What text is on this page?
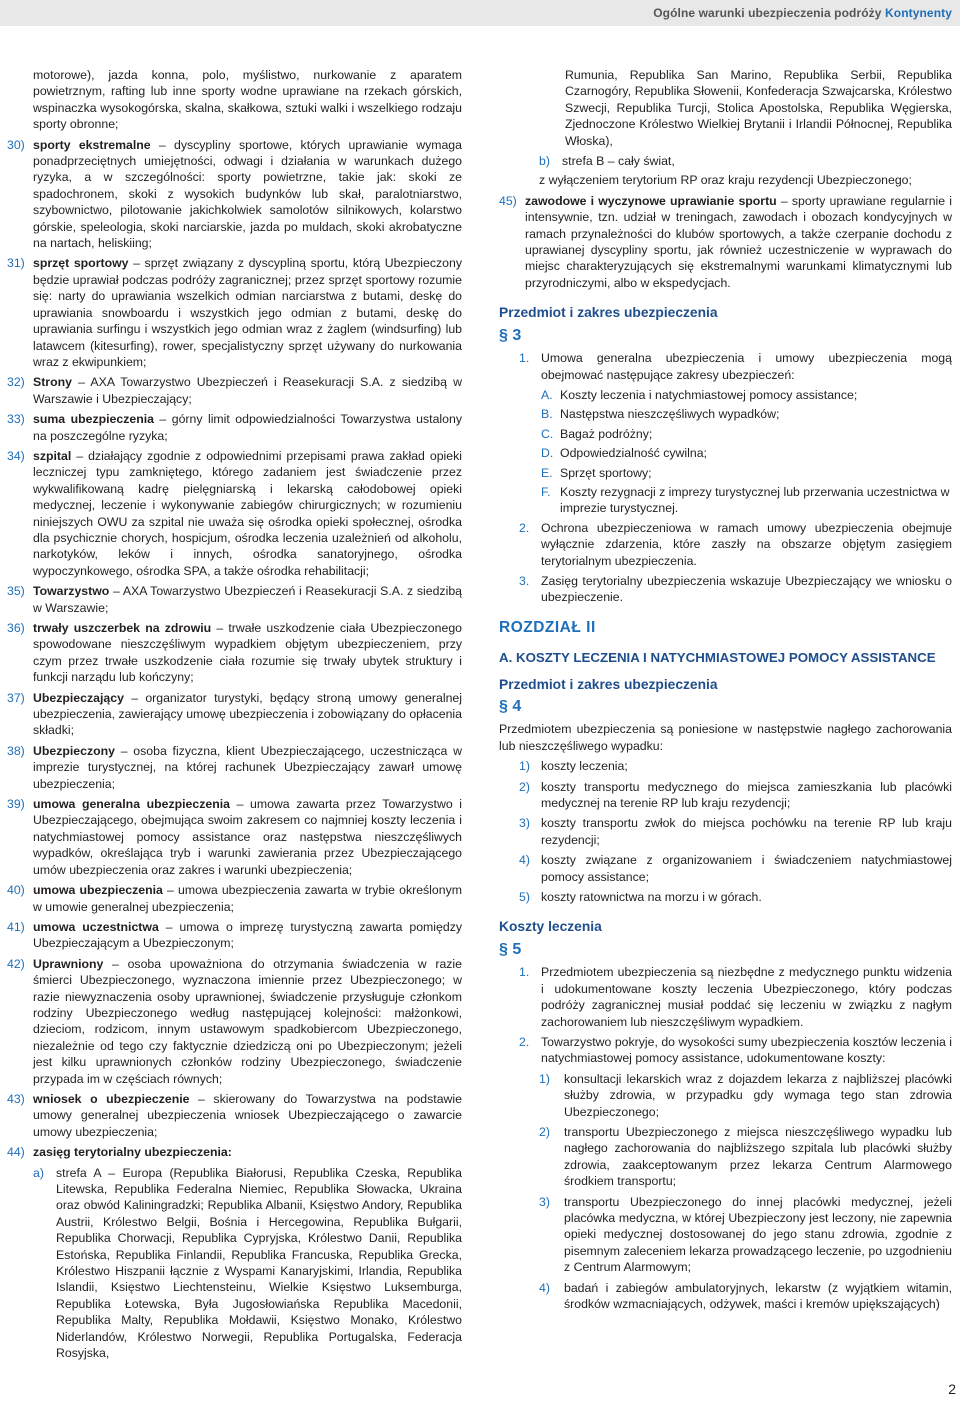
Ogólne warunki ubezpieczenia podróży Kontynenty
motorowe), jazda konna, polo, myślistwo, nurkowanie z aparatem powietrznym, rafting lub inne sporty wodne uprawiane na rzekach górskich, wspinaczka wysokogórska, skalna, skałkowa, sztuki walki i wszelkiego rodzaju sporty obronne;
30) sporty ekstremalne – dyscypliny sportowe, których uprawianie wymaga ponadprzeciętnych umiejętności, odwagi i działania w warunkach dużego ryzyka, a w szczególności: sporty powietrzne, takie jak: skoki ze spadochronem, skoki z wysokich budynków lub skał, paralotniarstwo, szybownictwo, pilotowanie jakichkolwiek samolotów silnikowych, kolarstwo górskie, speleologia, skoki narciarskie, jazda po muldach, skoki akrobatyczne na nartach, heliskiing;
31) sprzęt sportowy – sprzęt związany z dyscypliną sportu, którą Ubezpieczony będzie uprawiał podczas podróży zagranicznej; przez sprzęt sportowy rozumie się: narty do uprawiania wszelkich odmian narciarstwa z butami, deskę do uprawiania snowboardu i wszystkich jego odmian z butami, deskę do uprawiania surfingu i wszystkich jego odmian wraz z żaglem (windsurfing) lub latawcem (kitesurfing), rower, specjalistyczny sprzęt używany do nurkowania wraz z ekwipunkiem;
32) Strony – AXA Towarzystwo Ubezpieczeń i Reasekuracji S.A. z siedzibą w Warszawie i Ubezpieczający;
33) suma ubezpieczenia – górny limit odpowiedzialności Towarzystwa ustalony na poszczególne ryzyka;
34) szpital – działający zgodnie z odpowiednimi przepisami prawa zakład opieki leczniczej typu zamkniętego, którego zadaniem jest świadczenie przez wykwalifikowaną kadrę pielęgniarską i lekarską całodobowej opieki medycznej, leczenie i wykonywanie zabiegów chirurgicznych; w rozumieniu niniejszych OWU za szpital nie uważa się ośrodka opieki społecznej, ośrodka dla psychicznie chorych, hospicjum, ośrodka leczenia uzależnień od alkoholu, narkotyków, leków i innych, ośrodka sanatoryjnego, ośrodka wypoczynkowego, ośrodka SPA, a także ośrodka rehabilitacji;
35) Towarzystwo – AXA Towarzystwo Ubezpieczeń i Reasekuracji S.A. z siedzibą w Warszawie;
36) trwały uszczerbek na zdrowiu – trwałe uszkodzenie ciała Ubezpieczonego spowodowane nieszczęśliwym wypadkiem objętym ubezpieczeniem, przy czym przez trwałe uszkodzenie ciała rozumie się trwały ubytek struktury i funkcji narządu lub kończyny;
37) Ubezpieczający – organizator turystyki, będący stroną umowy generalnej ubezpieczenia, zawierający umowę ubezpieczenia i zobowiązany do opłacenia składki;
38) Ubezpieczony – osoba fizyczna, klient Ubezpieczającego, uczestnicząca w imprezie turystycznej, na której rachunek Ubezpieczający zawarł umowę ubezpieczenia;
39) umowa generalna ubezpieczenia – umowa zawarta przez Towarzystwo i Ubezpieczającego, obejmująca swoim zakresem co najmniej koszty leczenia i natychmiastowej pomocy assistance oraz następstwa nieszczęśliwych wypadków, określająca tryb i warunki zawierania przez Ubezpieczającego umów ubezpieczenia oraz zakres i warunki ubezpieczenia;
40) umowa ubezpieczenia – umowa ubezpieczenia zawarta w trybie określonym w umowie generalnej ubezpieczenia;
41) umowa uczestnictwa – umowa o imprezę turystyczną zawarta pomiędzy Ubezpieczającym a Ubezpieczonym;
42) Uprawniony – osoba upoważniona do otrzymania świadczenia w razie śmierci Ubezpieczonego, wyznaczona imiennie przez Ubezpieczonego; w razie niewyznaczenia osoby uprawnionej, świadczenie przysługuje członkom rodziny Ubezpieczonego według następującej kolejności: małżonkowi, dzieciom, rodzicom, innym ustawowym spadkobiercom Ubezpieczonego, niezależnie od tego czy faktycznie dziedziczą oni po Ubezpieczonym; jeżeli jest kilku uprawnionych członków rodziny Ubezpieczonego, świadczenie przypada im w częściach równych;
43) wniosek o ubezpieczenie – skierowany do Towarzystwa na podstawie umowy generalnej ubezpieczenia wniosek Ubezpieczającego o zawarcie umowy ubezpieczenia;
44) zasięg terytorialny ubezpieczenia:
a) strefa A – Europa (Republika Białorusi, Republika Czeska, Republika Litewska, Republika Federalna Niemiec, Republika Słowacka, Ukraina oraz obwód Kaliningradzki; Republika Albanii, Księstwo Andory, Republika Austrii, Królestwo Belgii, Bośnia i Hercegowina, Republika Bułgarii, Republika Chorwacji, Republika Cypryjska, Królestwo Danii, Republika Estońska, Republika Finlandii, Republika Francuska, Republika Grecka, Królestwo Hiszpanii łącznie z Wyspami Kanaryjskimi, Irlandia, Republika Islandii, Księstwo Liechtensteinu, Wielkie Księstwo Luksemburga, Republika Łotewska, Była Jugosłowiańska Republika Macedonii, Republika Malty, Republika Mołdawii, Księstwo Monako, Królestwo Niderlandów, Królestwo Norwegii, Republika Portugalska, Federacja Rosyjska,
Rumunia, Republika San Marino, Republika Serbii, Republika Czarnogóry, Republika Słowenii, Konfederacja Szwajcarska, Królestwo Szwecji, Republika Turcji, Stolica Apostolska, Republika Węgierska, Zjednoczone Królestwo Wielkiej Brytanii i Irlandii Północnej, Republika Włoska),
b) strefa B – cały świat,
z wyłączeniem terytorium RP oraz kraju rezydencji Ubezpieczonego;
45) zawodowe i wyczynowe uprawianie sportu – sporty uprawiane regularnie i intensywnie, tzn. udział w treningach, zawodach i obozach kondycyjnych w ramach przynależności do klubów sportowych, a także czerpanie dochodu z uprawianej dyscypliny sportu, jak również uczestniczenie w wyprawach do miejsc charakteryzujących się ekstremalnymi warunkami klimatycznymi lub przyrodniczymi, albo w ekspedycjach.
Przedmiot i zakres ubezpieczenia
§ 3
1. Umowa generalna ubezpieczenia i umowy ubezpieczenia mogą obejmować następujące zakresy ubezpieczeń:
A. Koszty leczenia i natychmiastowej pomocy assistance;
B. Następstwa nieszczęśliwych wypadków;
C. Bagaż podróżny;
D. Odpowiedzialność cywilna;
E. Sprzęt sportowy;
F. Koszty rezygnacji z imprezy turystycznej lub przerwania uczestnictwa w imprezie turystycznej.
2. Ochrona ubezpieczeniowa w ramach umowy ubezpieczenia obejmuje wyłącznie zdarzenia, które zaszły na obszarze objętym zasięgiem terytorialnym ubezpieczenia.
3. Zasięg terytorialny ubezpieczenia wskazuje Ubezpieczający we wniosku o ubezpieczenie.
ROZDZIAŁ II
A. KOSZTY LECZENIA I NATYCHMIASTOWEJ POMOCY ASSISTANCE
Przedmiot i zakres ubezpieczenia
§ 4
Przedmiotem ubezpieczenia są poniesione w następstwie nagłego zachorowania lub nieszczęśliwego wypadku:
1) koszty leczenia;
2) koszty transportu medycznego do miejsca zamieszkania lub placówki medycznej na terenie RP lub kraju rezydencji;
3) koszty transportu zwłok do miejsca pochówku na terenie RP lub kraju rezydencji;
4) koszty związane z organizowaniem i świadczeniem natychmiastowej pomocy assistance;
5) koszty ratownictwa na morzu i w górach.
Koszty leczenia
§ 5
1. Przedmiotem ubezpieczenia są niezbędne z medycznego punktu widzenia i udokumentowane koszty leczenia Ubezpieczonego, który podczas podróży zagranicznej musiał poddać się leczeniu w związku z nagłym zachorowaniem lub nieszczęśliwym wypadkiem.
2. Towarzystwo pokryje, do wysokości sumy ubezpieczenia kosztów leczenia i natychmiastowej pomocy assistance, udokumentowane koszty:
1)	konsultacji lekarskich wraz z dojazdem lekarza z najbliższej placówki służby zdrowia, w przypadku gdy wymaga tego stan zdrowia Ubezpieczonego;
2)	transportu Ubezpieczonego z miejsca nieszczęśliwego wypadku lub nagłego zachorowania do najbliższego szpitala lub placówki służby zdrowia, zaakceptowanym przez lekarza Centrum Alarmowego środkiem transportu;
3)	transportu Ubezpieczonego do innej placówki medycznej, jeżeli placówka medyczna, w której Ubezpieczony jest leczony, nie zapewnia opieki medycznej dostosowanej do jego stanu zdrowia, zgodnie z pisemnym zaleceniem lekarza prowadzącego leczenie, po uzgodnieniu z Centrum Alarmowym;
4)	badań i zabiegów ambulatoryjnych, lekarstw (z wyjątkiem witamin, środków wzmacniających, odżywek, maści i kremów upiększających)
2
